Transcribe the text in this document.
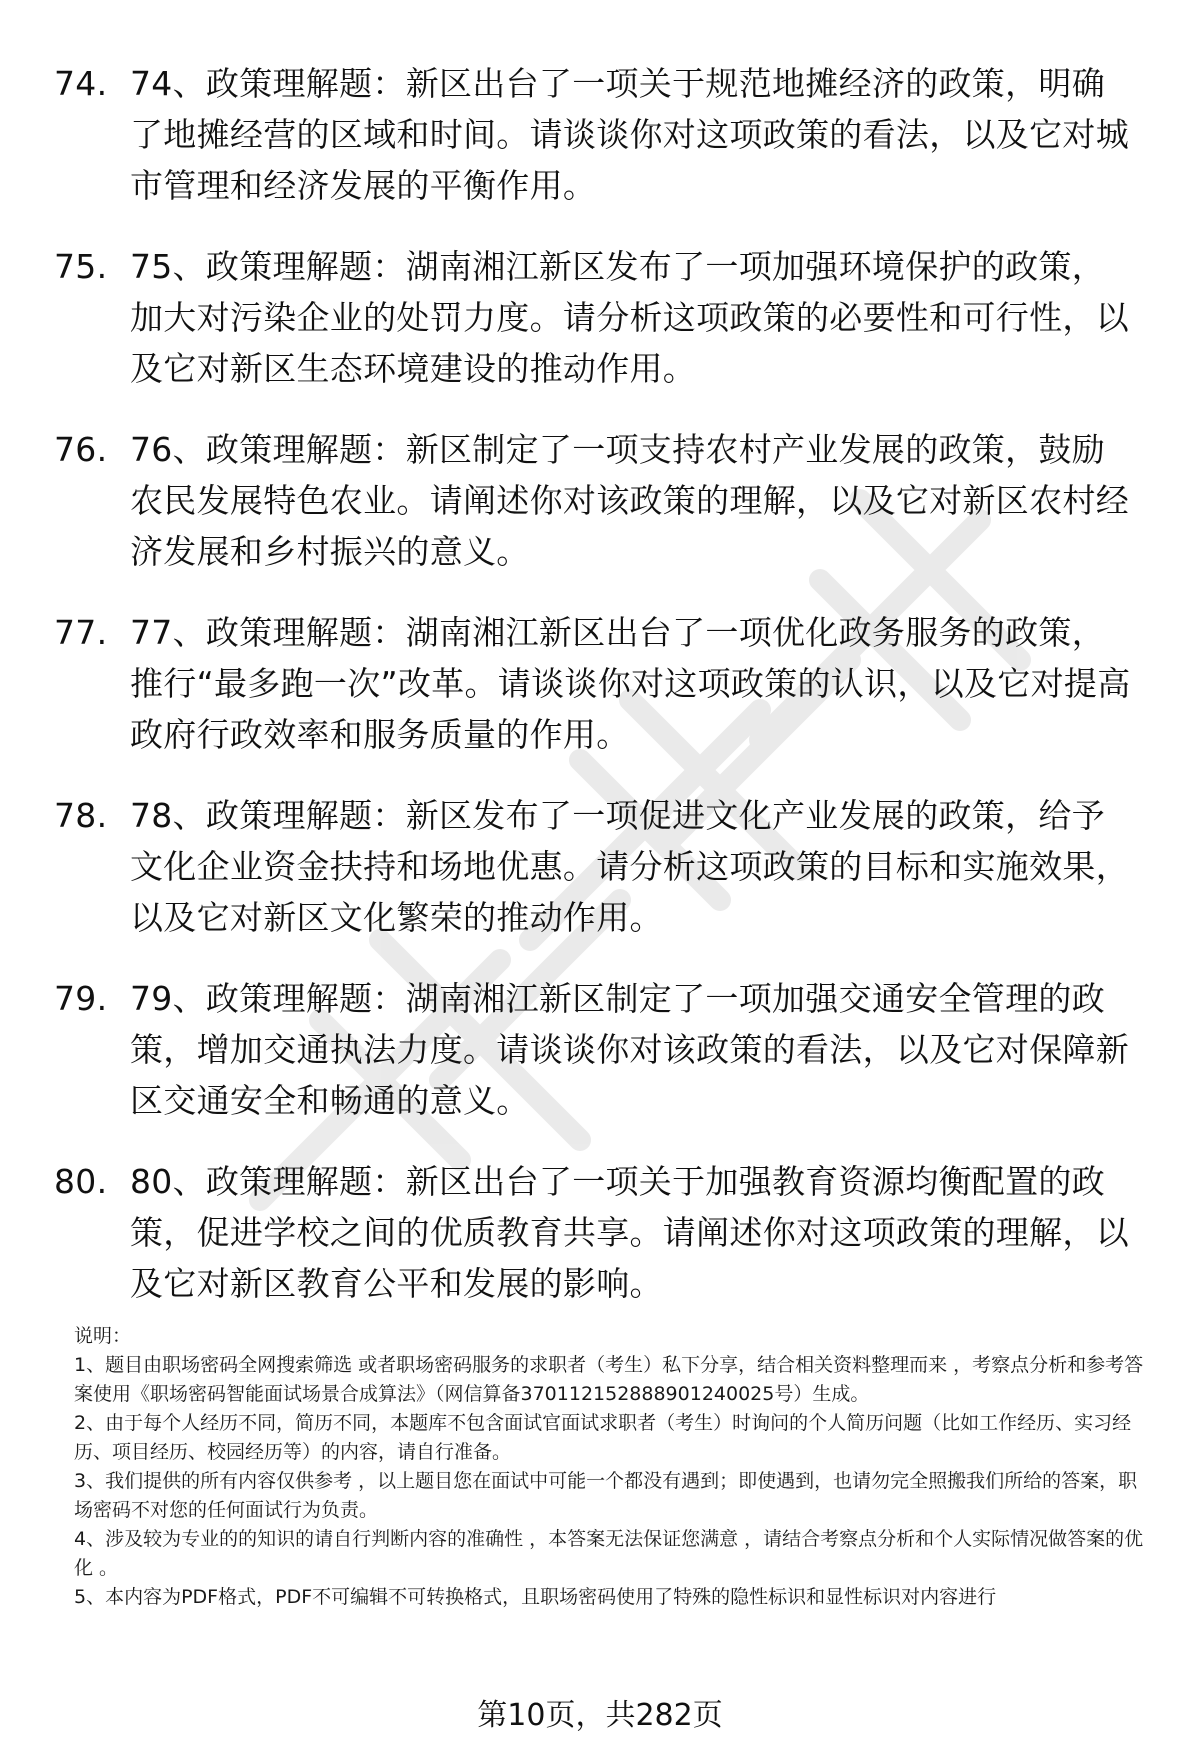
74. 74、政策理解题：新区出台了一项关于规范地摊经济的政策，明确了地摊经营的区域和时间。请谈谈你对这项政策的看法，以及它对城市管理和经济发展的平衡作用。
75. 75、政策理解题：湖南湘江新区发布了一项加强环境保护的政策，加大对污染企业的处罚力度。请分析这项政策的必要性和可行性，以及它对新区生态环境建设的推动作用。
76. 76、政策理解题：新区制定了一项支持农村产业发展的政策，鼓励农民发展特色农业。请阐述你对该政策的理解，以及它对新区农村经济发展和乡村振兴的意义。
77. 77、政策理解题：湖南湘江新区出台了一项优化政务服务的政策，推行“最多跑一次”改革。请谈谈你对这项政策的认识，以及它对提高政府行政效率和服务质量的作用。
78. 78、政策理解题：新区发布了一项促进文化产业发展的政策，给予文化企业资金扶持和场地优惠。请分析这项政策的目标和实施效果，以及它对新区文化繁荣的推动作用。
79. 79、政策理解题：湖南湘江新区制定了一项加强交通安全管理的政策，增加交通执法力度。请谈谈你对该政策的看法，以及它对保障新区交通安全和畅通的意义。
80. 80、政策理解题：新区出台了一项关于加强教育资源均衡配置的政策，促进学校之间的优质教育共享。请阐述你对这项政策的理解，以及它对新区教育公平和发展的影响。
说明：
1、题目由职场密码全网搜索筛选 或者职场密码服务的求职者（考生）私下分享，结合相关资料整理而来 ，考察点分析和参考答案使用《职场密码智能面试场景合成算法》（网信算备370112152888901240025号）生成。
2、由于每个人经历不同，简历不同，本题库不包含面试官面试求职者（考生）时询问的个人简历问题（比如工作经历、实习经历、项目经历、校园经历等）的内容，请自行准备。
3、我们提供的所有内容仅供参考 ，以上题目您在面试中可能一个都没有遇到；即使遇到，也请勿完全照搬我们所给的答案，职场密码不对您的任何面试行为负责。
4、涉及较为专业的的知识的请自行判断内容的准确性 ，本答案无法保证您满意 ，请结合考察点分析和个人实际情况做答案的优化 。
5、本内容为PDF格式，PDF不可编辑不可转换格式，且职场密码使用了特殊的隐性标识和显性标识对内容进行
第10页，共282页
